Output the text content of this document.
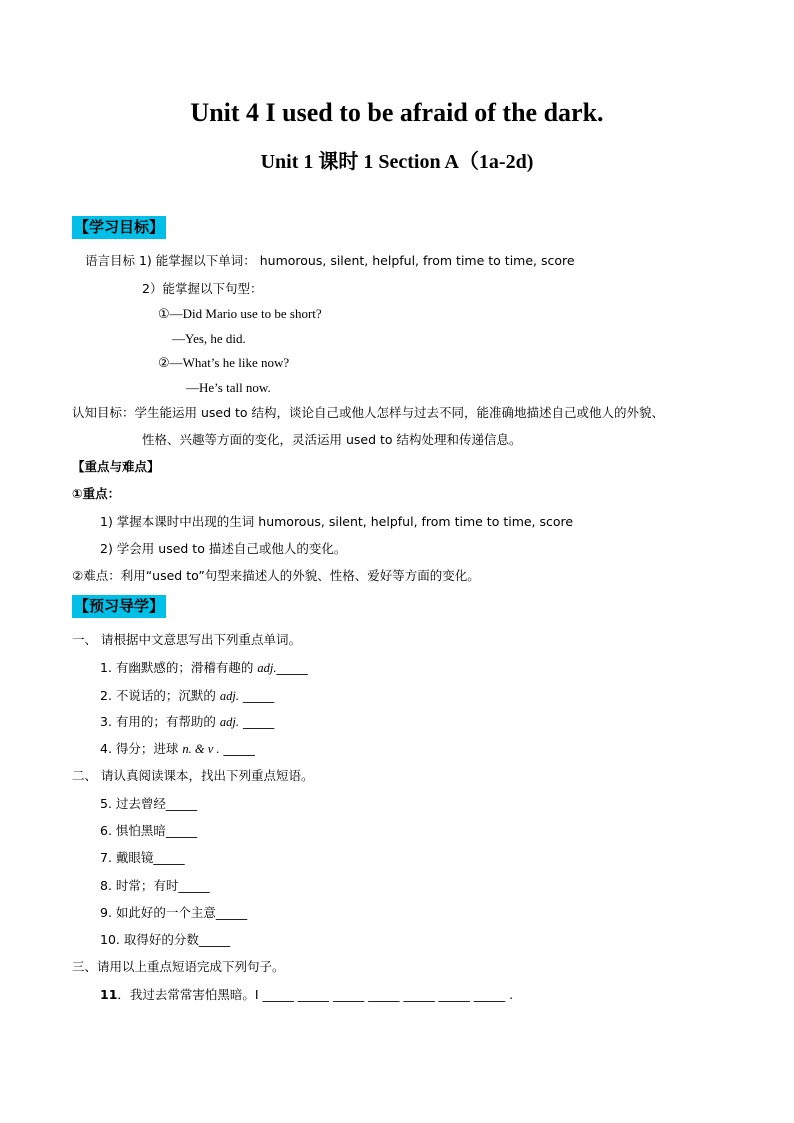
Unit 4 I used to be afraid of the dark.
Unit 1 课时 1 Section A（1a-2d)
【学习目标】
语言目标 1) 能掌握以下单词： humorous, silent, helpful, from time to time, score
2）能掌握以下句型：
①—Did Mario use to be short?
—Yes, he did.
②—What’s he like now?
—He’s tall now.
认知目标：学生能运用 used to 结构，谈论自己或他人怎样与过去不同，能准确地描述自己或他人的外貌、
性格、兴趣等方面的变化，灵活运用 used to 结构处理和传递信息。
【重点与难点】
①重点：
1) 掌握本课时中出现的生词 humorous, silent, helpful, from time to time, score
2) 学会用 used to 描述自己或他人的变化。
②难点：利用“used to”句型来描述人的外貌、性格、爱好等方面的变化。
【预习导学】
一、 请根据中文意思写出下列重点单词。
1. 有幽默感的；滑稽有趣的 adj._____
2. 不说话的；沉默的 adj. _____
3. 有用的；有帮助的 adj. _____
4. 得分；进球 n. & v . _____
二、 请认真阅读课本，找出下列重点短语。
5. 过去曾经_____
6. 惧怕黑暗_____
7. 戴眼镜_____
8. 时常；有时_____
9. 如此好的一个主意_____
10. 取得好的分数_____
三、请用以上重点短语完成下列句子。
11．我过去常常害怕黑暗。I _____ _____ _____ _____ _____ _____ _____ .
